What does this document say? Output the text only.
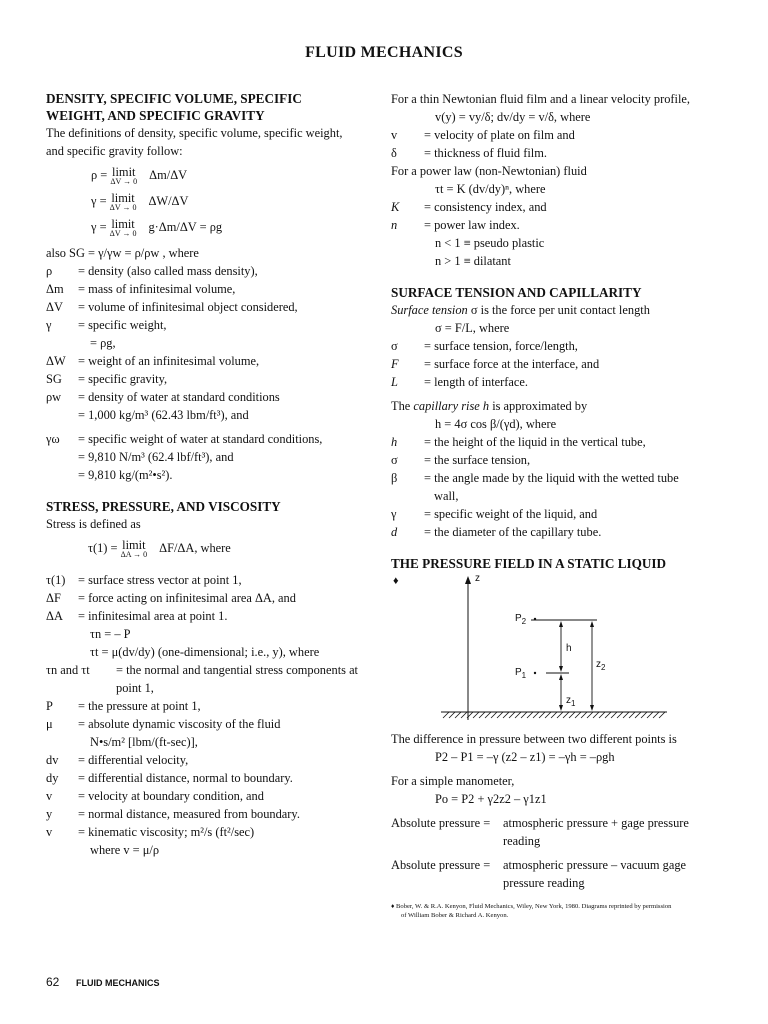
FLUID MECHANICS
DENSITY, SPECIFIC VOLUME, SPECIFIC
WEIGHT, AND SPECIFIC GRAVITY
The definitions of density, specific volume, specific weight,
and specific gravity follow:
ρ = limit
ΔV → 0 Δm/ΔV
γ = limit
ΔV → 0 ΔW/ΔV
γ = limit
ΔV → 0 g·Δm/ΔV = ρg
also SG = γ/γw = ρ/ρw , where
ρ	= density (also called mass density),
Δm	= mass of infinitesimal volume,
ΔV	= volume of infinitesimal object considered,
γ	= specific weight,
= ρg,
ΔW = weight of an infinitesimal volume,
SG	= specific gravity,
ρw	= density of water at standard conditions
= 1,000 kg/m³ (62.43 lbm/ft³), and
γω	= specific weight of water at standard conditions,
= 9,810 N/m³ (62.4 lbf/ft³), and
= 9,810 kg/(m²•s²).
STRESS, PRESSURE, AND VISCOSITY
Stress is defined as
τ(1) = limit
ΔA → 0 ΔF/ΔA, where
τ(1)	= surface stress vector at point 1,
ΔF	= force acting on infinitesimal area ΔA, and
ΔA	= infinitesimal area at point 1.
τn = – P
τt = μ(dv/dy) (one-dimensional; i.e., y), where
τn and τt	= the normal and tangential stress components at
point 1,
P	= the pressure at point 1,
μ	= absolute dynamic viscosity of the fluid
N•s/m² [lbm/(ft-sec)],
dv	= differential velocity,
dy	= differential distance, normal to boundary.
v	= velocity at boundary condition, and
y	= normal distance, measured from boundary.
v	= kinematic viscosity; m²/s (ft²/sec)
where v = μ/ρ
For a thin Newtonian fluid film and a linear velocity profile,
v(y) = vy/δ; dv/dy = v/δ, where
v	= velocity of plate on film and
δ	= thickness of fluid film.
For a power law (non-Newtonian) fluid
τt = K (dv/dy)ⁿ, where
K	= consistency index, and
n	= power law index.
n < 1 ≡ pseudo plastic
n > 1 ≡ dilatant
SURFACE TENSION AND CAPILLARITY
Surface tension σ is the force per unit contact length
σ = F/L, where
σ	= surface tension, force/length,
F	= surface force at the interface, and
L	= length of interface.
The capillary rise h is approximated by
h = 4σ cos β/(γd), where
h	= the height of the liquid in the vertical tube,
σ	= the surface tension,
β	= the angle made by the liquid with the wetted tube
wall,
γ	= specific weight of the liquid, and
d	= the diameter of the capillary tube.
THE PRESSURE FIELD IN A STATIC LIQUID
♦	z
$P_2$
$P_1$
h
$z_2$
$z_1$
The difference in pressure between two different points is
P2 – P1 = –γ (z2 – z1) = –γh = –ρgh
For a simple manometer,
Po = P2 + γ2z2 – γ1z1
Absolute pressure =	atmospheric pressure + gage pressure
reading
Absolute pressure =	atmospheric pressure – vacuum gage
pressure reading
♦ Bober, W. & R.A. Kenyon, Fluid Mechanics, Wiley, New York, 1980. Diagrams reprinted by permission
of William Bober & Richard A. Kenyon.
62 FLUID MECHANICS
